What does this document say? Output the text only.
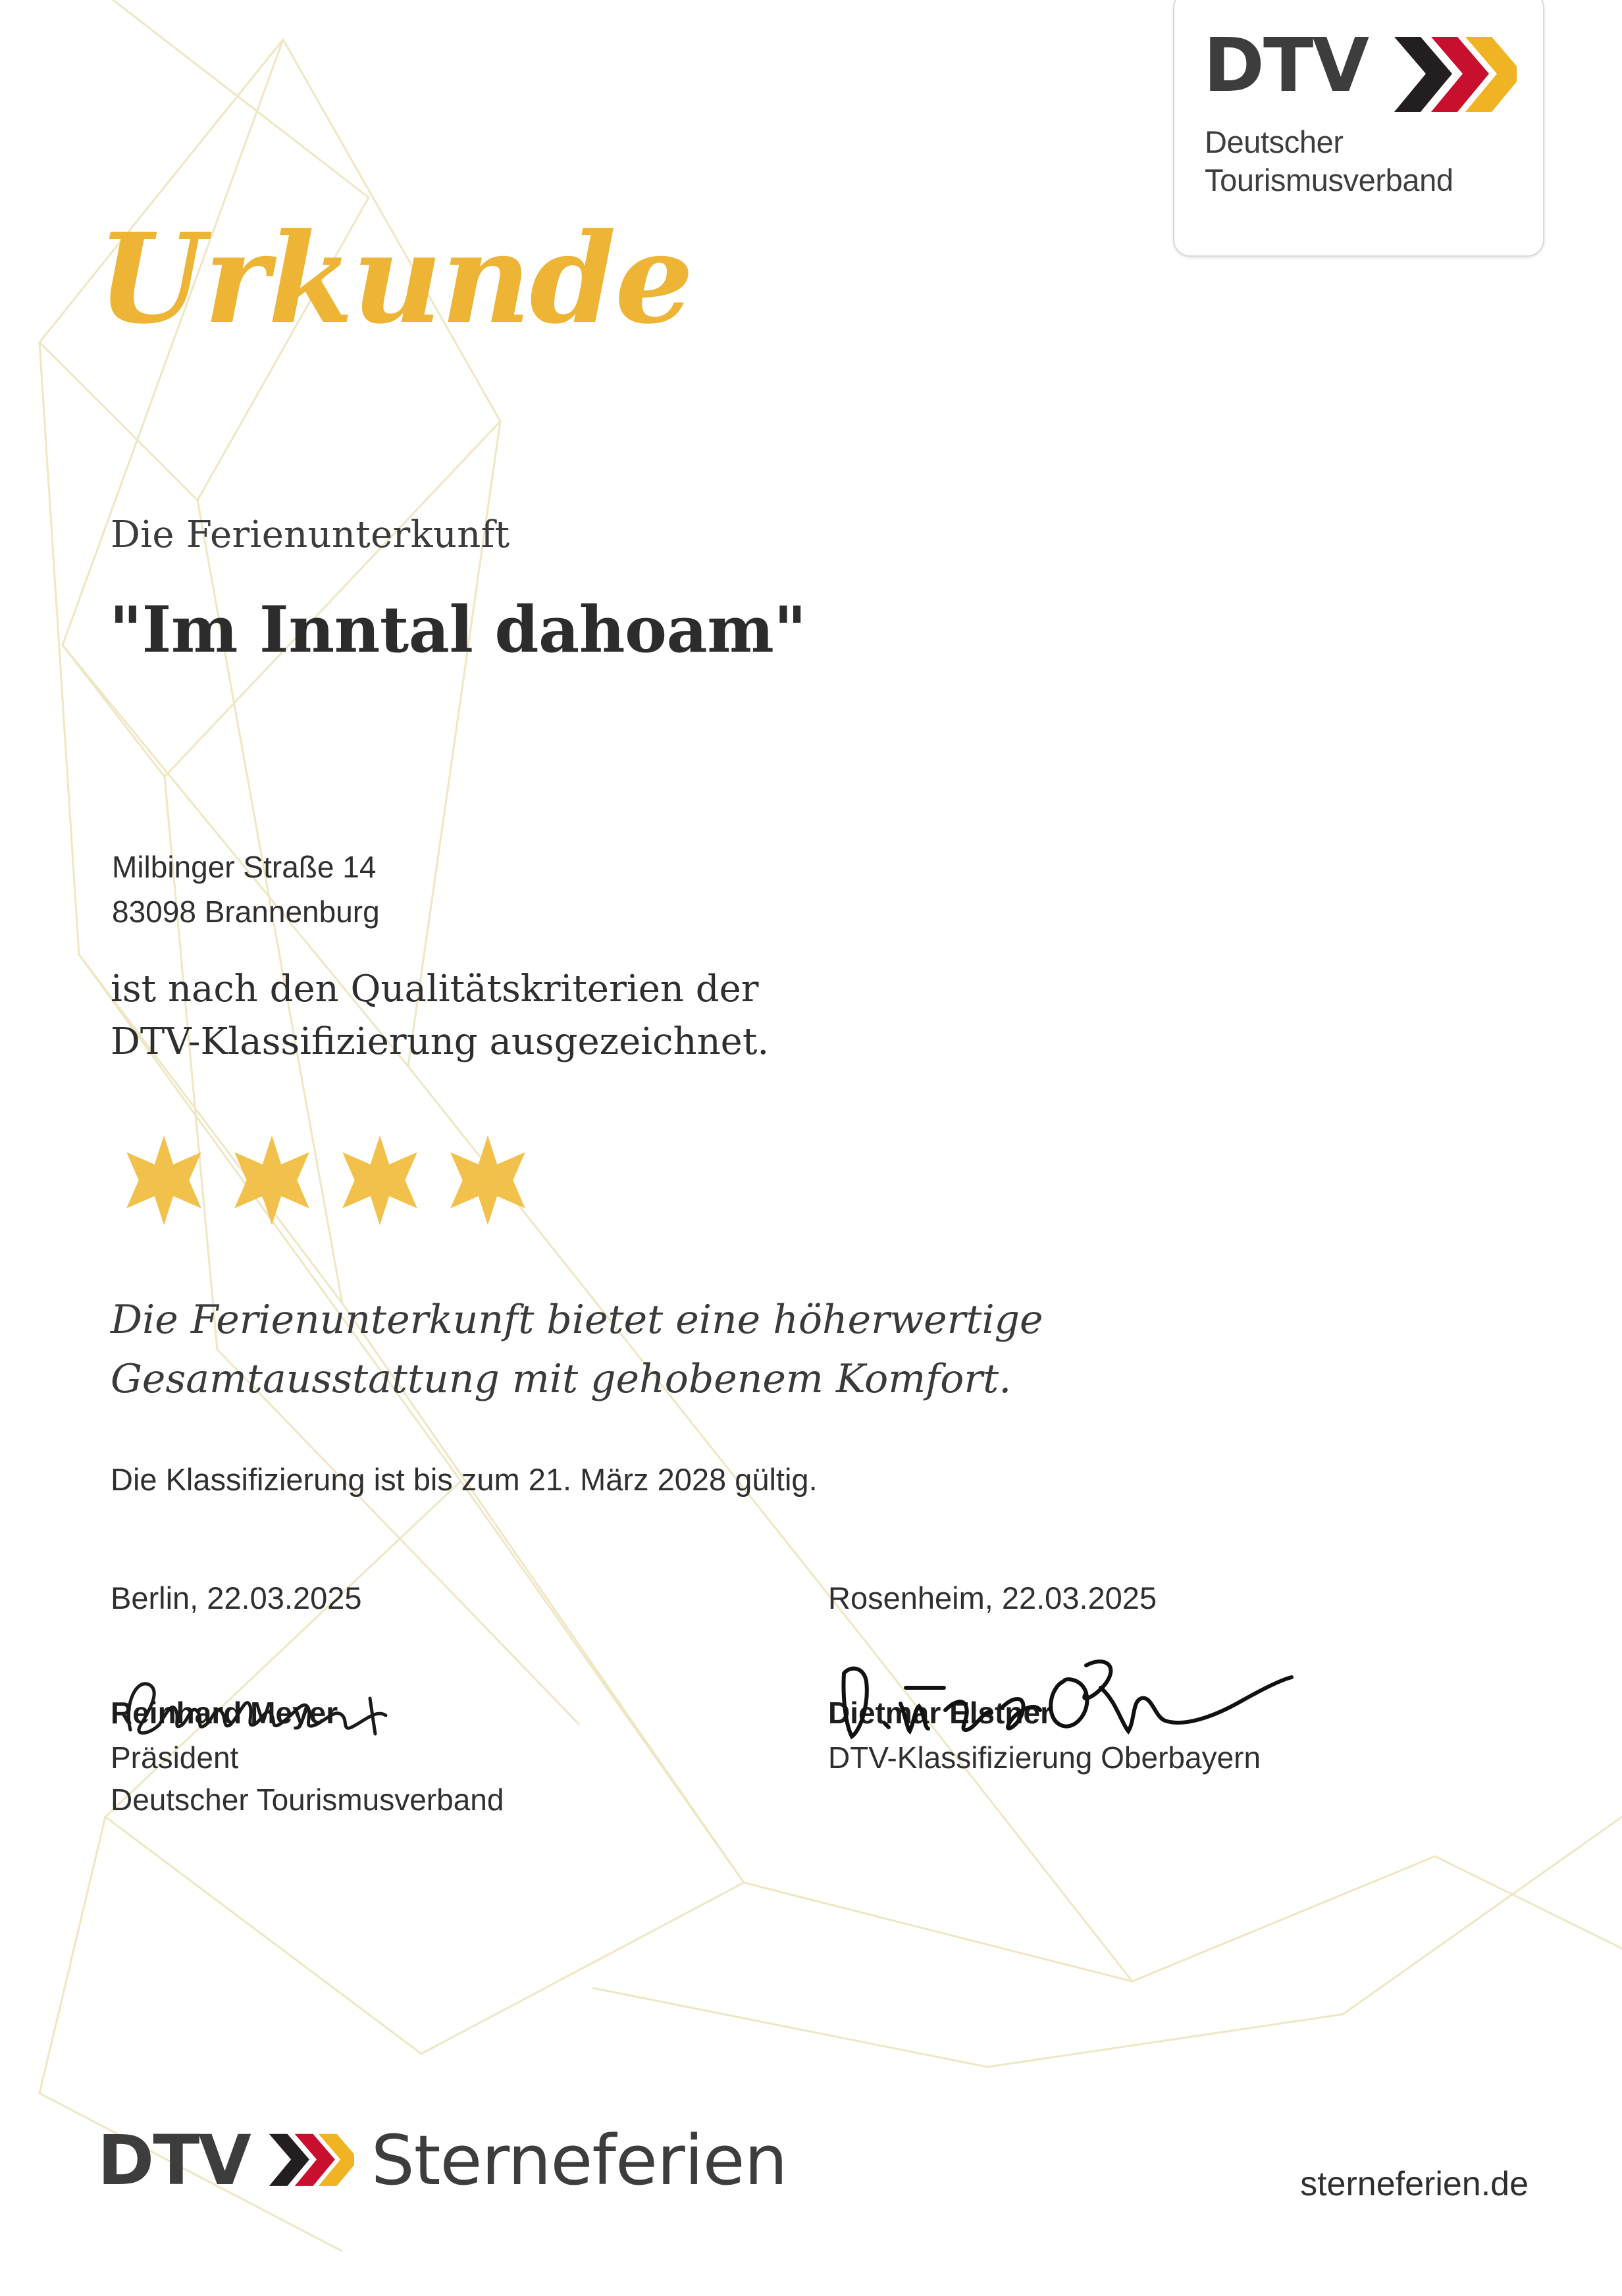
DTV
Deutscher
Tourismusverband
Urkunde
Die Ferienunterkunft
"Im Inntal dahoam"
Milbinger Straße 14
83098 Brannenburg
ist nach den Qualitätskriterien der
DTV-Klassifizierung ausgezeichnet.
Die Ferienunterkunft bietet eine höherwertige
Gesamtausstattung mit gehobenem Komfort.
Die Klassifizierung ist bis zum 21. März 2028 gültig.

Berlin, 22.03.2025

Reinhard Meyer

Präsident

Deutscher Tourismusverband

Rosenheim, 22.03.2025

Dietmar Elstner

DTV-Klassifizierung Oberbayern

DTV Sterneferien	sterneferien.de
